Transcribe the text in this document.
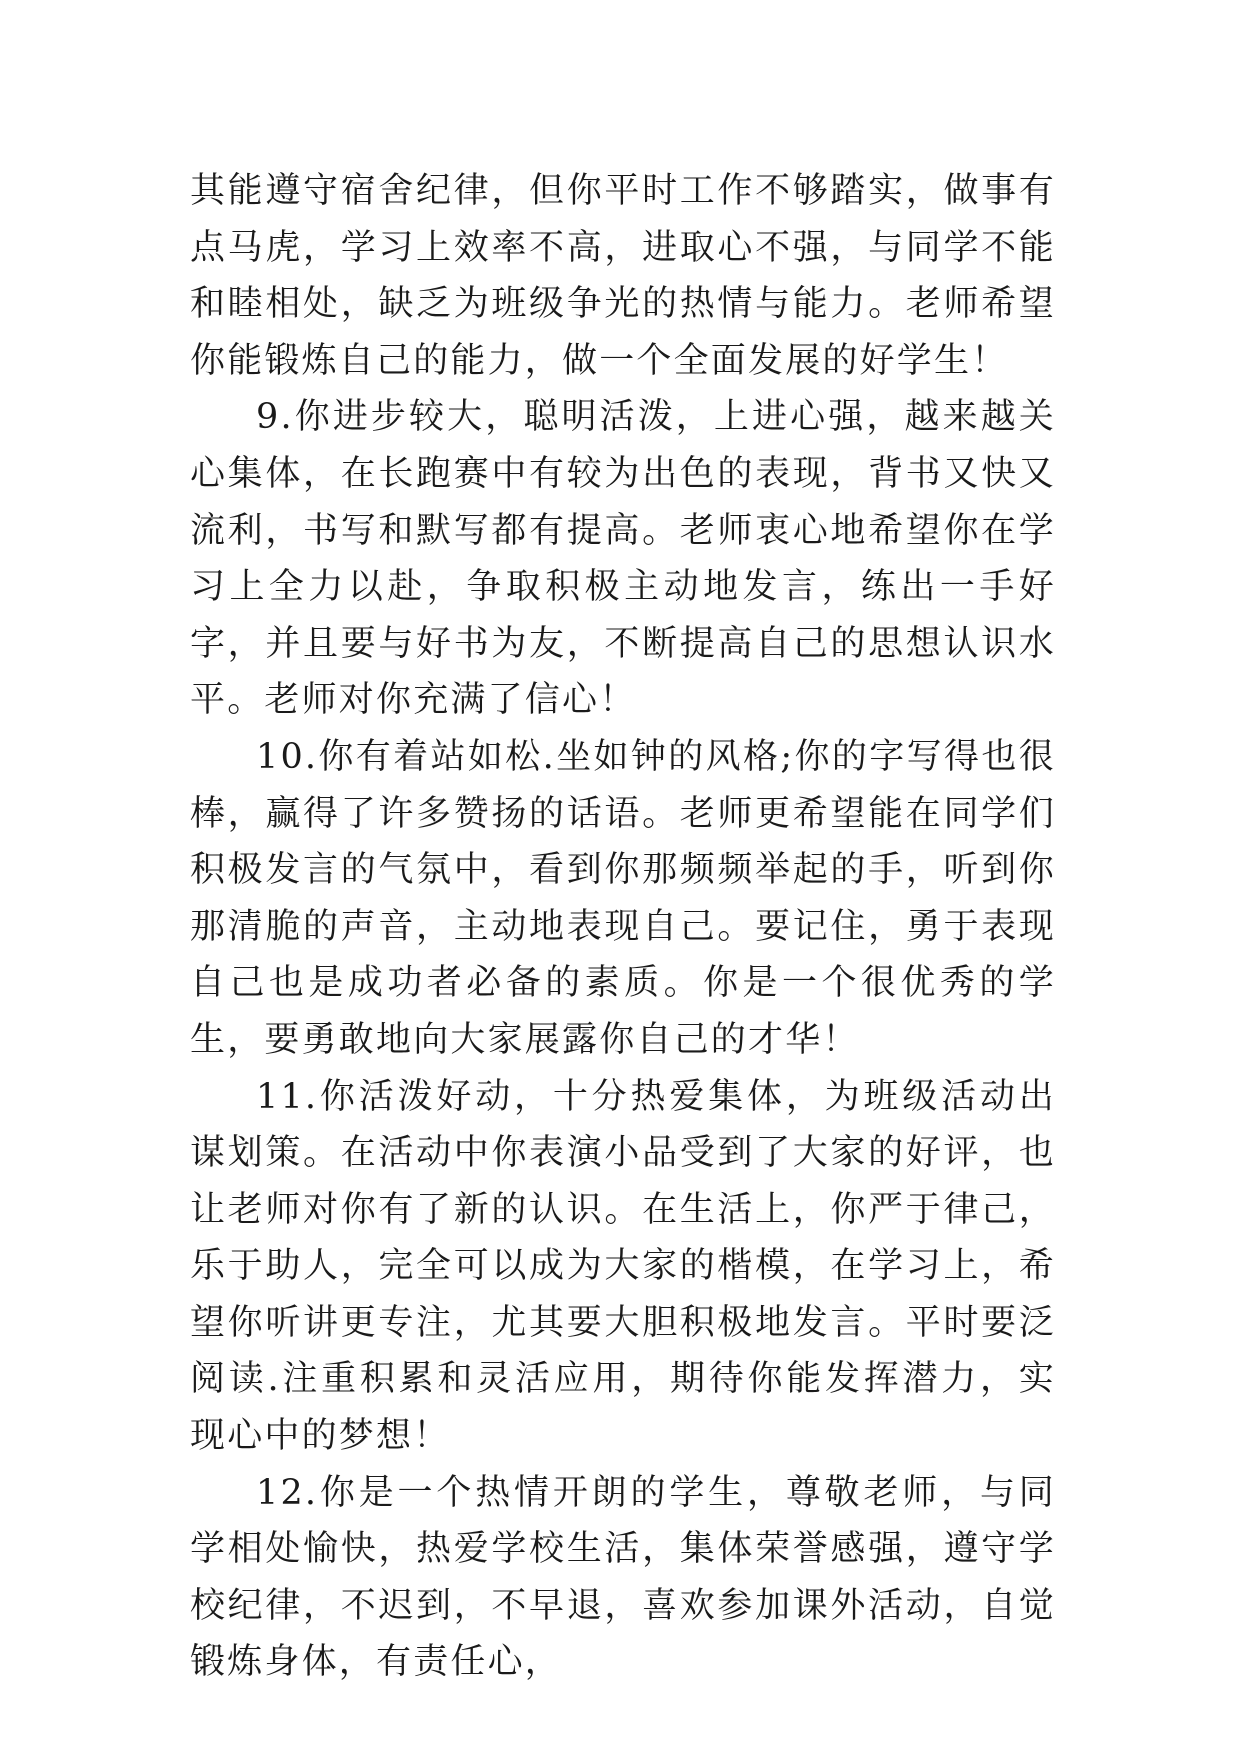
其能遵守宿舍纪律，但你平时工作不够踏实，做事有点马虎，学习上效率不高，进取心不强，与同学不能和睦相处，缺乏为班级争光的热情与能力。老师希望你能锻炼自己的能力，做一个全面发展的好学生！

9.你进步较大，聪明活泼，上进心强，越来越关心集体，在长跑赛中有较为出色的表现，背书又快又流利，书写和默写都有提高。老师衷心地希望你在学习上全力以赴，争取积极主动地发言，练出一手好字，并且要与好书为友，不断提高自己的思想认识水平。老师对你充满了信心！

10.你有着站如松.坐如钟的风格;你的字写得也很棒，赢得了许多赞扬的话语。老师更希望能在同学们积极发言的气氛中，看到你那频频举起的手，听到你那清脆的声音，主动地表现自己。要记住，勇于表现自己也是成功者必备的素质。你是一个很优秀的学生，要勇敢地向大家展露你自己的才华！

11.你活泼好动，十分热爱集体，为班级活动出谋划策。在活动中你表演小品受到了大家的好评，也让老师对你有了新的认识。在生活上，你严于律己，乐于助人，完全可以成为大家的楷模，在学习上，希望你听讲更专注，尤其要大胆积极地发言。平时要泛阅读.注重积累和灵活应用，期待你能发挥潜力，实现心中的梦想！

12.你是一个热情开朗的学生，尊敬老师，与同学相处愉快，热爱学校生活，集体荣誉感强，遵守学校纪律，不迟到，不早退，喜欢参加课外活动，自觉锻炼身体，有责任心，
